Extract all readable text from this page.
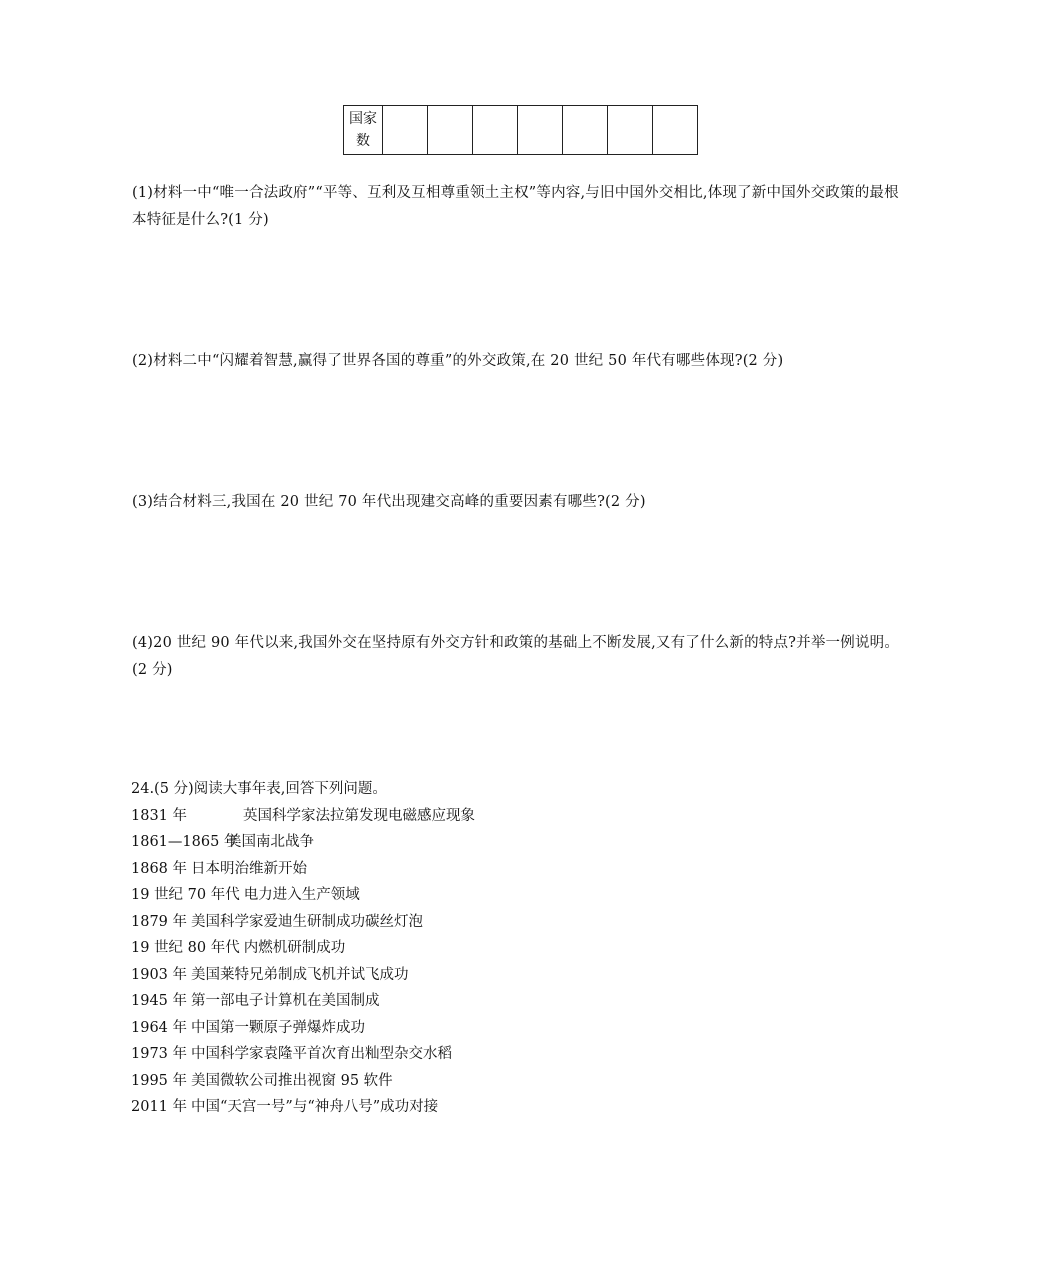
国家数							
(1)材料一中“唯一合法政府”“平等、互利及互相尊重领土主权”等内容,与旧中国外交相比,体现了新中国外交政策的最根本特征是什么?(1 分)
(2)材料二中“闪耀着智慧,赢得了世界各国的尊重”的外交政策,在 20 世纪 50 年代有哪些体现?(2 分)
(3)结合材料三,我国在 20 世纪 70 年代出现建交高峰的重要因素有哪些?(2 分)
(4)20 世纪 90 年代以来,我国外交在坚持原有外交方针和政策的基础上不断发展,又有了什么新的特点?并举一例说明。(2 分)
24.(5 分)阅读大事年表,回答下列问题。
1831 年	英国科学家法拉第发现电磁感应现象
1861—1865 年美国南北战争
1868 年 日本明治维新开始
19 世纪 70 年代 电力进入生产领域
1879 年 美国科学家爱迪生研制成功碳丝灯泡
19 世纪 80 年代 内燃机研制成功
1903 年 美国莱特兄弟制成飞机并试飞成功
1945 年 第一部电子计算机在美国制成
1964 年 中国第一颗原子弹爆炸成功
1973 年 中国科学家袁隆平首次育出籼型杂交水稻
1995 年 美国微软公司推出视窗 95 软件
2011 年 中国“天宫一号”与“神舟八号”成功对接
